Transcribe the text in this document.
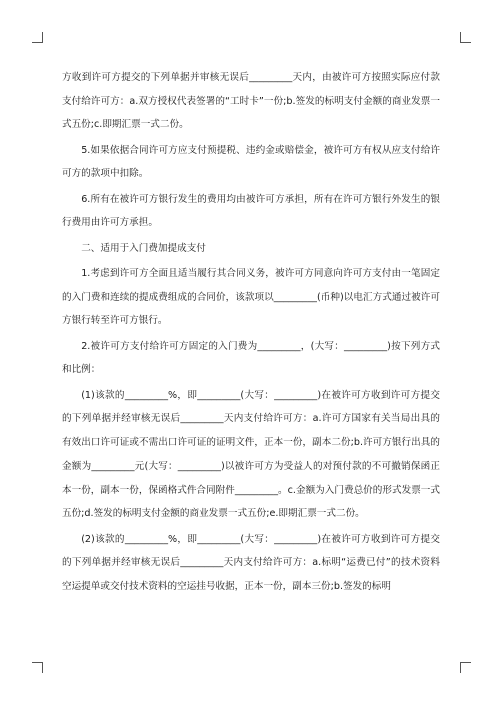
方收到许可方提交的下列单据并审核无误后_________天内，由被许可方按照实际应付款支付给许可方：a.双方授权代表签署的“工时卡”一份;b.签发的标明支付金额的商业发票一式五份;c.即期汇票一式二份。

5.如果依据合同许可方应支付预提税、违约金或赔偿金，被许可方有权从应支付给许可方的款项中扣除。

6.所有在被许可方银行发生的费用均由被许可方承担，所有在许可方银行外发生的银行费用由许可方承担。

二、适用于入门费加提成支付

1.考虑到许可方全面且适当履行其合同义务，被许可方同意向许可方支付由一笔固定的入门费和连续的提成费组成的合同价，该款项以_________(币种)以电汇方式通过被许可方银行转至许可方银行。

2.被许可方支付给许可方固定的入门费为_________，(大写：_________)按下列方式和比例：

(1)该款的_________%，即_________(大写：_________)在被许可方收到许可方提交的下列单据并经审核无误后_________天内支付给许可方：a.许可方国家有关当局出具的有效出口许可证或不需出口许可证的证明文件，正本一份，副本二份;b.许可方银行出具的金额为_________元(大写：_________)以被许可方为受益人的对预付款的不可撤销保函正本一份，副本一份，保函格式件合同附件_________。c.金额为入门费总价的形式发票一式五份;d.签发的标明支付金额的商业发票一式五份;e.即期汇票一式二份。

(2)该款的_________%，即_________(大写：_________)在被许可方收到许可方提交的下列单据并经审核无误后_________天内支付给许可方：a.标明“运费已付”的技术资料空运提单或交付技术资料的空运挂号收据，正本一份，副本三份;b.签发的标明
